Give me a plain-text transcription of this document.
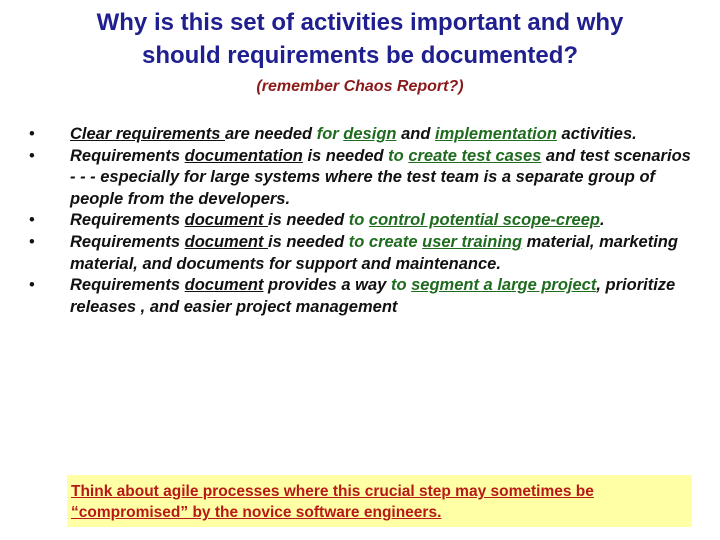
Why is this set of activities important and why
should requirements be documented?
(remember Chaos Report?)
• Clear requirements are needed for design and implementation activities.
• Requirements documentation is needed to create test cases and test scenarios - - - especially for large systems where the test team is a separate group of people from the developers.
• Requirements document is needed to control potential scope-creep.
• Requirements document is needed to create user training material, marketing material, and documents for support and maintenance.
• Requirements document provides a way to segment a large project, prioritize releases , and easier project management
Think about agile processes where this crucial step may sometimes be
“compromised” by the novice software engineers.
